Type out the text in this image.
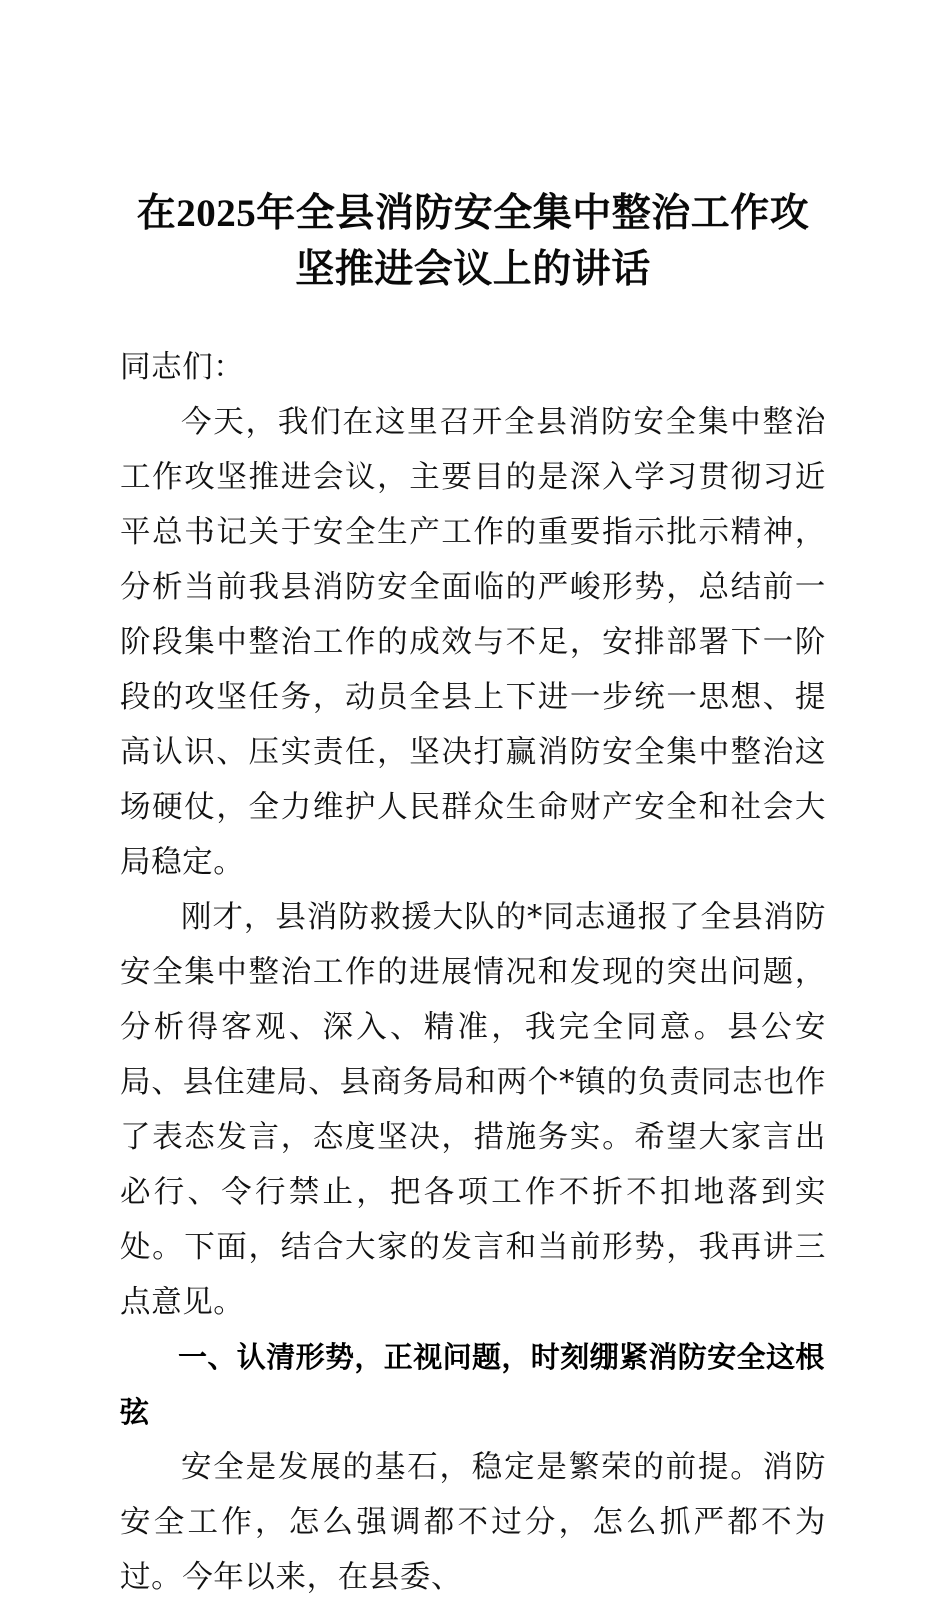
在2025年全县消防安全集中整治工作攻坚推进会议上的讲话

同志们：

今天，我们在这里召开全县消防安全集中整治工作攻坚推进会议，主要目的是深入学习贯彻习近平总书记关于安全生产工作的重要指示批示精神，分析当前我县消防安全面临的严峻形势，总结前一阶段集中整治工作的成效与不足，安排部署下一阶段的攻坚任务，动员全县上下进一步统一思想、提高认识、压实责任，坚决打赢消防安全集中整治这场硬仗，全力维护人民群众生命财产安全和社会大局稳定。

刚才，县消防救援大队的*同志通报了全县消防安全集中整治工作的进展情况和发现的突出问题，分析得客观、深入、精准，我完全同意。县公安局、县住建局、县商务局和两个*镇的负责同志也作了表态发言，态度坚决，措施务实。希望大家言出必行、令行禁止，把各项工作不折不扣地落到实处。下面，结合大家的发言和当前形势，我再讲三点意见。

一、认清形势，正视问题，时刻绷紧消防安全这根弦

安全是发展的基石，稳定是繁荣的前提。消防安全工作，怎么强调都不过分，怎么抓严都不为过。今年以来，在县委、
